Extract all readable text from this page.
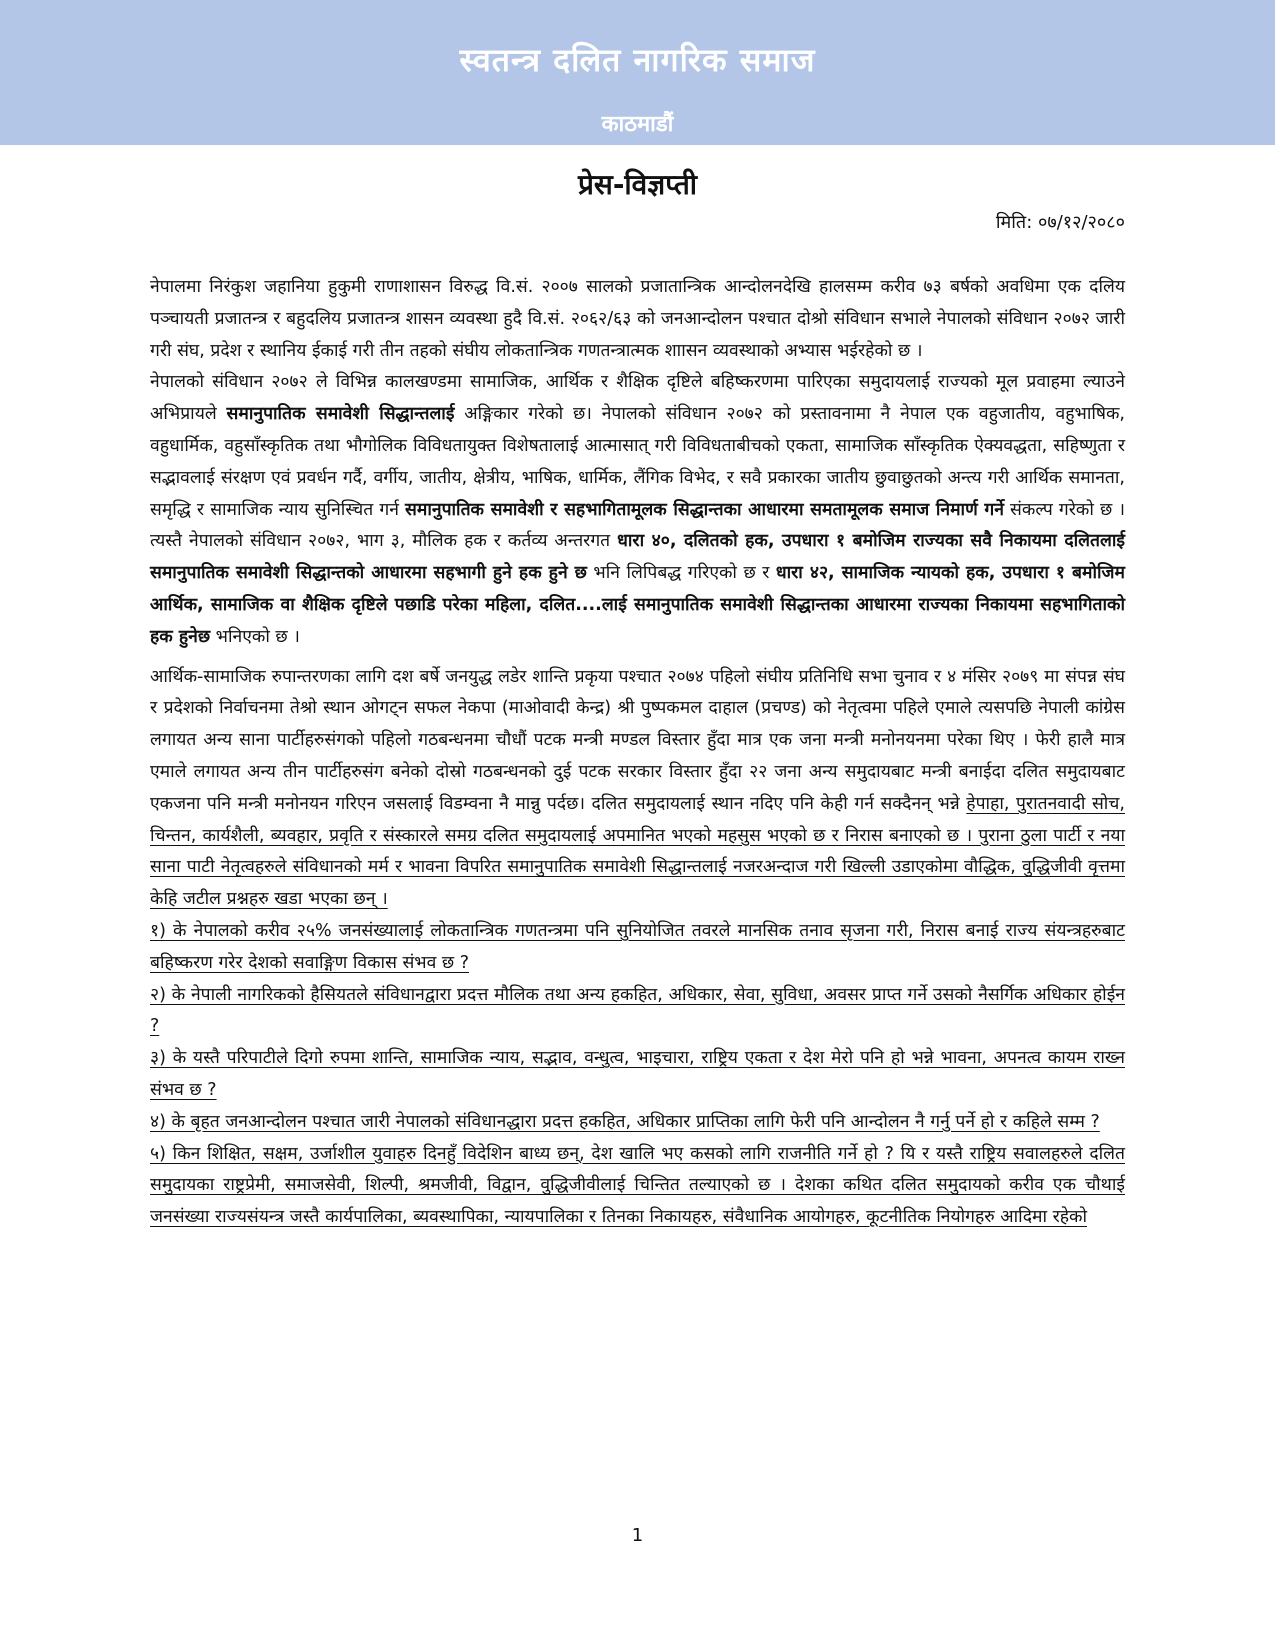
स्वतन्त्र दलित नागरिक समाज
काठमाडौं
प्रेस-विज्ञप्ती
मिति: ०७/१२/२०८०

नेपालमा निरंकुश जहानिया हुकुमी राणाशासन विरुद्ध वि.सं. २००७ सालको प्रजातान्त्रिक आन्दोलनदेखि हालसम्म करीव ७३ बर्षको अवधिमा एक दलिय पञ्चायती प्रजातन्त्र र बहुदलिय प्रजातन्त्र शासन व्यवस्था हुदै वि.सं. २०६२/६३ को जनआन्दोलन पश्चात दोश्रो संविधान सभाले नेपालको संविधान २०७२ जारी गरी संघ, प्रदेश र स्थानिय ईकाई गरी तीन तहको संघीय लोकतान्त्रिक गणतन्त्रात्मक शाासन व्यवस्थाको अभ्यास भईरहेको छ ।

नेपालको संविधान २०७२ ले विभिन्न कालखण्डमा सामाजिक, आर्थिक र शैक्षिक दृष्टिले बहिष्करणमा पारिएका समुदायलाई राज्यको मूल प्रवाहमा ल्याउने अभिप्रायले समानुपातिक समावेशी सिद्धान्तलाई अङ्गिकार गरेको छ। नेपालको संविधान २०७२ को प्रस्तावनामा नै नेपाल एक वहुजातीय, वहुभाषिक, वहुधार्मिक, वहुसाँस्कृतिक तथा भौगोलिक विविधतायुक्त विशेषतालाई आत्मासात् गरी विविधताबीचको एकता, सामाजिक साँस्कृतिक ऐक्यवद्धता, सहिष्णुता र सद्भावलाई संरक्षण एवं प्रवर्धन गर्दै, वर्गीय, जातीय, क्षेत्रीय, भाषिक, धार्मिक, लैंगिक विभेद, र सवै प्रकारका जातीय छुवाछुतको अन्त्य गरी आर्थिक समानता, समृद्धि र सामाजिक न्याय सुनिस्चित गर्न समानुपातिक समावेशी र सहभागितामूलक सिद्धान्तका आधारमा समतामूलक समाज निमार्ण गर्ने संकल्प गरेको छ । त्यस्तै नेपालको संविधान २०७२, भाग ३, मौलिक हक र कर्तव्य अन्तरगत धारा ४०, दलितको हक, उपधारा १ बमोजिम राज्यका सवै निकायमा दलितलाई समानुपातिक समावेशी सिद्धान्तको आधारमा सहभागी हुने हक हुने छ भनि लिपिबद्ध गरिएको छ र धारा ४२, सामाजिक न्यायको हक, उपधारा १ बमोजिम आर्थिक, सामाजिक वा शैक्षिक दृष्टिले पछाडि परेका महिला, दलित....लाई समानुपातिक समावेशी सिद्धान्तका आधारमा राज्यका निकायमा सहभागिताको हक हुनेछ भनिएको छ ।

आर्थिक-सामाजिक रुपान्तरणका लागि दश बर्षे जनयुद्ध लडेर शान्ति प्रकृया पश्चात २०७४ पहिलो संघीय प्रतिनिधि सभा चुनाव र ४ मंसिर २०७९ मा संपन्न संघ र प्रदेशको निर्वाचनमा तेश्रो स्थान ओगट्न सफल नेकपा (माओवादी केन्द्र) श्री पुष्पकमल दाहाल (प्रचण्ड) को नेतृत्वमा पहिले एमाले त्यसपछि नेपाली कांग्रेस लगायत अन्य साना पार्टीहरुसंगको पहिलो गठबन्धनमा चौधौं पटक मन्त्री मण्डल विस्तार हुँदा मात्र एक जना मन्त्री मनोनयनमा परेका थिए । फेरी हालै मात्र एमाले लगायत अन्य तीन पार्टीहरुसंग बनेको दोस्रो गठबन्धनको दुई पटक सरकार विस्तार हुँदा २२ जना अन्य समुदायबाट मन्त्री बनाईदा दलित समुदायबाट एकजना पनि मन्त्री मनोनयन गरिएन जसलाई विडम्वना नै मान्नु पर्दछ। दलित समुदायलाई स्थान नदिए पनि केही गर्न सक्दैनन् भन्ने हेपाहा, पुरातनवादी सोच, चिन्तन, कार्यशैली, ब्यवहार, प्रवृति र संस्कारले समग्र दलित समुदायलाई अपमानित भएको महसुस भएको छ र निरास बनाएको छ । पुराना ठुला पार्टी र नया साना पाटी नेतृत्वहरुले संविधानको मर्म र भावना विपरित समानुपातिक समावेशी सिद्धान्तलाई नजरअन्दाज गरी खिल्ली उडाएकोमा वौद्धिक, वुद्धिजीवी वृत्तमा केहि जटील प्रश्नहरु खडा भएका छन् ।

१) के नेपालको करीव २५% जनसंख्यालाई लोकतान्त्रिक गणतन्त्रमा पनि सुनियोजित तवरले मानसिक तनाव सृजना गरी, निरास बनाई राज्य संयन्त्रहरुबाट बहिष्करण गरेर देशको सवाङ्गिण विकास संभव छ ?

२) के नेपाली नागरिकको हैसियतले संविधानद्वारा प्रदत्त मौलिक तथा अन्य हकहित, अधिकार, सेवा, सुविधा, अवसर प्राप्त गर्ने उसको नैसर्गिक अधिकार होईन ?

३) के यस्तै परिपाटीले दिगो रुपमा शान्ति, सामाजिक न्याय, सद्भाव, वन्धुत्व, भाइचारा, राष्ट्रिय एकता र देश मेरो पनि हो भन्ने भावना, अपनत्व कायम राख्न संभव छ ?

४) के बृहत जनआन्दोलन पश्चात जारी नेपालको संविधानद्धारा प्रदत्त हकहित, अधिकार प्राप्तिका लागि फेरी पनि आन्दोलन नै गर्नु पर्ने हो र कहिले सम्म ?

५) किन शिक्षित, सक्षम, उर्जाशील युवाहरु दिनहुँ विदेशिन बाध्य छन्, देश खालि भए कसको लागि राजनीति गर्ने हो ? यि र यस्तै राष्ट्रिय सवालहरुले दलित समुदायका राष्ट्रप्रेमी, समाजसेवी, शिल्पी, श्रमजीवी, विद्वान, वुद्धिजीवीलाई चिन्तित तल्याएको छ । देशका कथित दलित समुदायको करीव एक चौथाई जनसंख्या राज्यसंयन्त्र जस्तै कार्यपालिका, ब्यवस्थापिका, न्यायपालिका र तिनका निकायहरु, संवैधानिक आयोगहरु, कूटनीतिक नियोगहरु आदिमा रहेको

1
